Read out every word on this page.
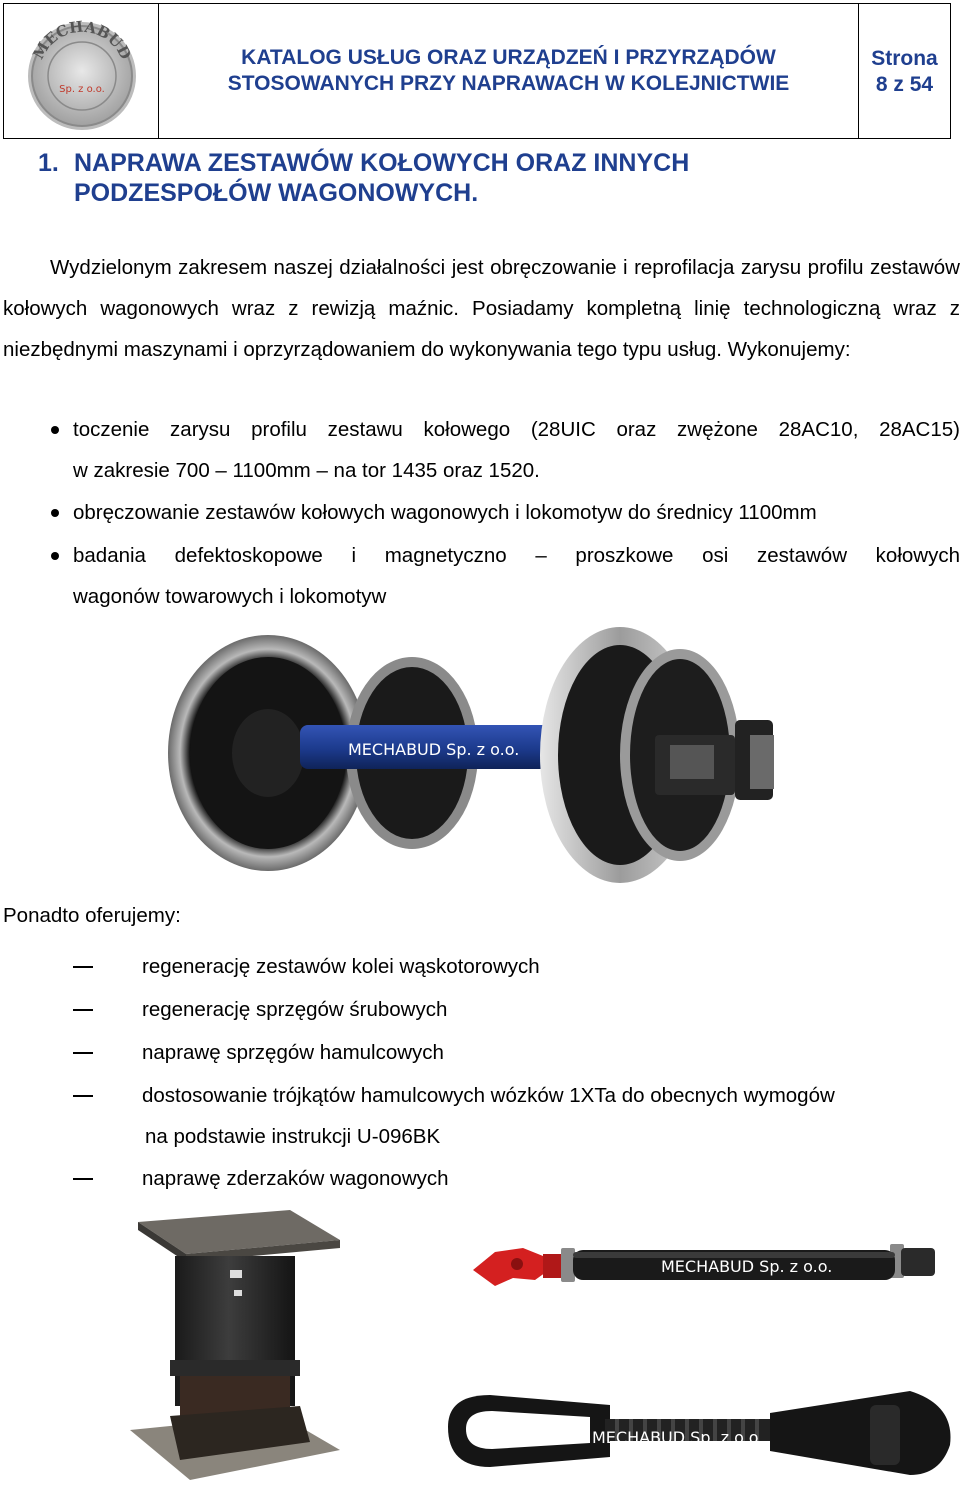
MECHABUD
Sp. z o.o.
KATALOG USŁUG ORAZ URZĄDZEŃ I PRZYRZĄDÓW
STOSOWANYCH PRZY NAPRAWACH W KOLEJNICTWIE
Strona
8 z 54
1. NAPRAWA ZESTAWÓW KOŁOWYCH ORAZ INNYCH
PODZESPOŁÓW WAGONOWYCH.
Wydzielonym zakresem naszej działalności jest obręczowanie i reprofilacja zarysu profilu zestawów kołowych wagonowych wraz z rewizją maźnic. Posiadamy kompletną linię technologiczną wraz z niezbędnymi maszynami i oprzyrządowaniem do wykonywania tego typu usług. Wykonujemy:
toczenie zarysu profilu zestawu kołowego (28UIC oraz zwężone 28AC10, 28AC15)
w zakresie 700 – 1100mm – na tor 1435 oraz 1520.
obręczowanie zestawów kołowych wagonowych i lokomotyw do średnicy 1100mm
badania defektoskopowe i magnetyczno – proszkowe osi zestawów kołowych
wagonów towarowych i lokomotyw
MECHABUD Sp. z o.o.
Ponadto oferujemy:
regenerację zestawów kolei wąskotorowych
regenerację sprzęgów śrubowych
naprawę sprzęgów hamulcowych
dostosowanie trójkątów hamulcowych wózków 1XTa do obecnych wymogów
na podstawie instrukcji U-096BK
naprawę zderzaków wagonowych
MECHABUD Sp. z o.o.
MECHABUD Sp. z o.o.
